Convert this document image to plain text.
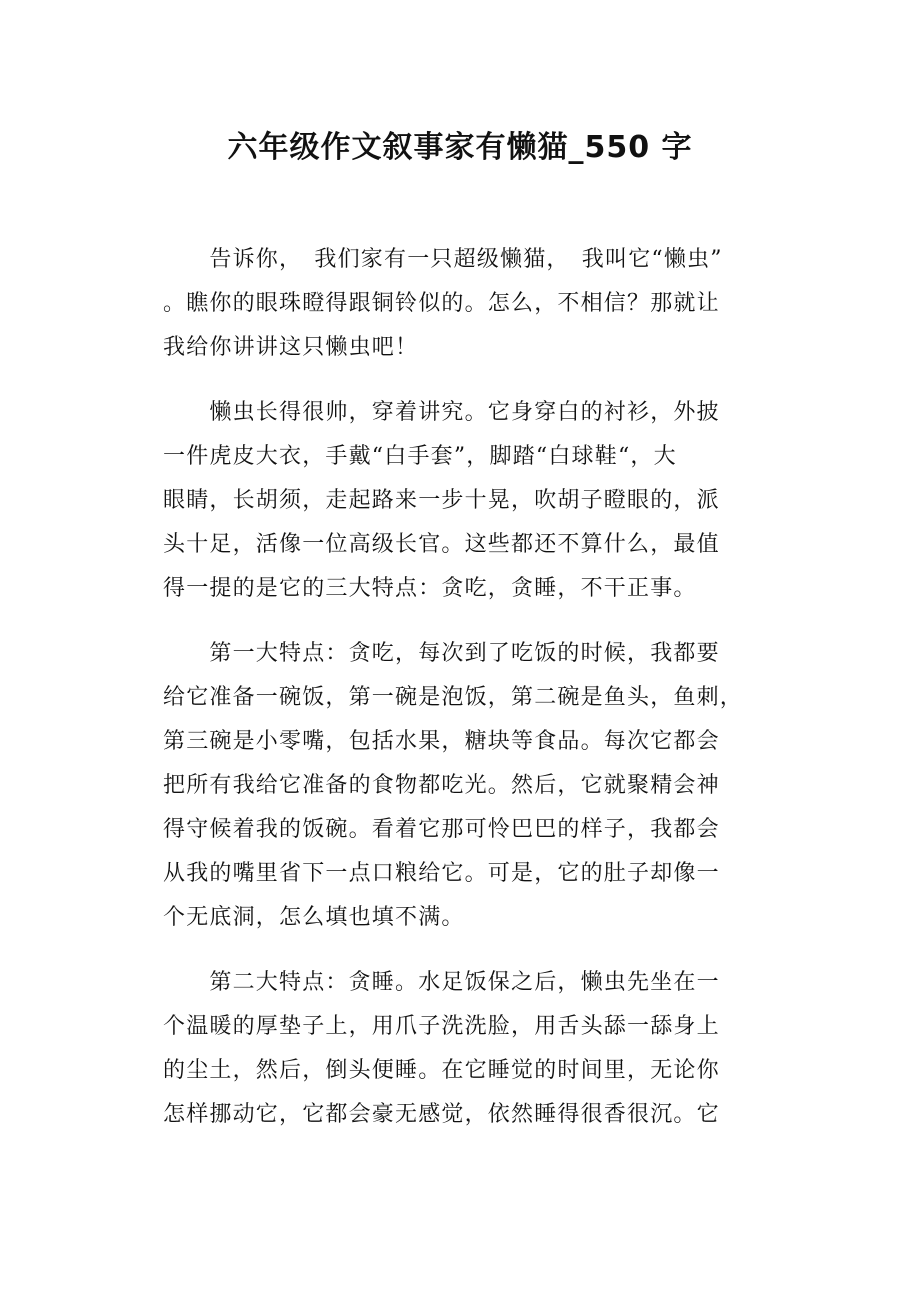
六年级作文叙事家有懒猫_550 字
　　告诉你，　我们家有一只超级懒猫，　我叫它“懒虫”
。瞧你的眼珠瞪得跟铜铃似的。怎么，不相信？那就让
我给你讲讲这只懒虫吧！
　　懒虫长得很帅，穿着讲究。它身穿白的衬衫，外披
一件虎皮大衣，手戴“白手套”，脚踏“白球鞋“，大
眼睛，长胡须，走起路来一步十晃，吹胡子瞪眼的，派
头十足，活像一位高级长官。这些都还不算什么，最值
得一提的是它的三大特点：贪吃，贪睡，不干正事。
　　第一大特点：贪吃，每次到了吃饭的时候，我都要
给它准备一碗饭，第一碗是泡饭，第二碗是鱼头，鱼刺，
第三碗是小零嘴，包括水果，糖块等食品。每次它都会
把所有我给它准备的食物都吃光。然后，它就聚精会神
得守候着我的饭碗。看着它那可怜巴巴的样子，我都会
从我的嘴里省下一点口粮给它。可是，它的肚子却像一
个无底洞，怎么填也填不满。
　　第二大特点：贪睡。水足饭保之后，懒虫先坐在一
个温暖的厚垫子上，用爪子洗洗脸，用舌头舔一舔身上
的尘土，然后，倒头便睡。在它睡觉的时间里，无论你
怎样挪动它，它都会豪无感觉，依然睡得很香很沉。它
